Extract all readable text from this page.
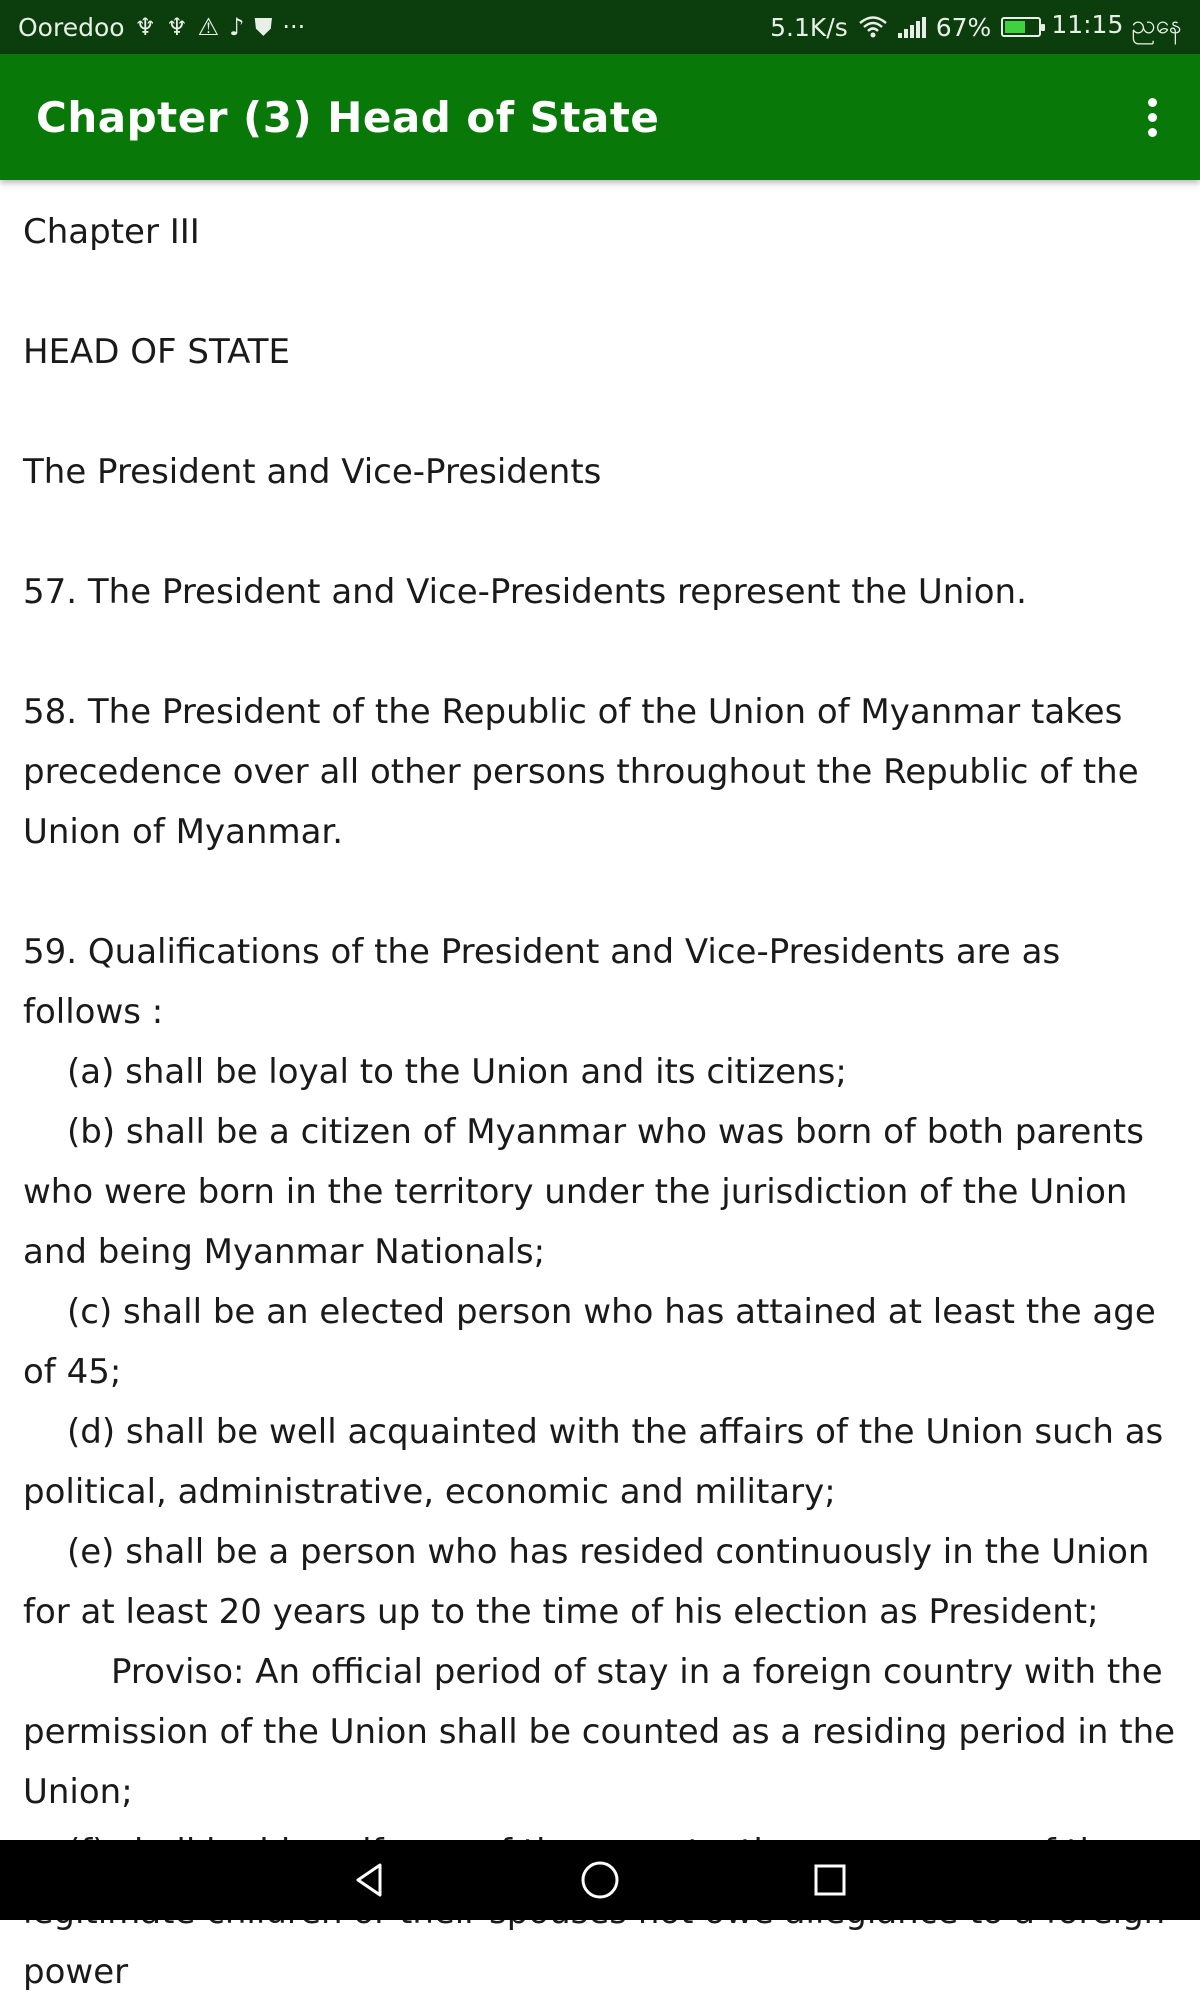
Ooredoo ♆ ♆ ⚠ ♪ ⛊ ···	5.1K/s	67% 11:15 ညနေ
Chapter (3) Head of State

Chapter III

HEAD OF STATE

The President and Vice-Presidents

57. The President and Vice-Presidents represent the Union.

58. The President of the Republic of the Union of Myanmar takes precedence over all other persons throughout the Republic of the Union of Myanmar.

59. Qualifications of the President and Vice-Presidents are as follows :

(a) shall be loyal to the Union and its citizens;

(b) shall be a citizen of Myanmar who was born of both parents who were born in the territory under the jurisdiction of the Union and being Myanmar Nationals;

(c) shall be an elected person who has attained at least the age of 45;

(d) shall be well acquainted with the affairs of the Union such as political, administrative, economic and military;

(e) shall be a person who has resided continuously in the Union for at least 20 years up to the time of his election as President;

Proviso: An official period of stay in a foreign country with the permission of the Union shall be counted as a residing period in the Union;

power
